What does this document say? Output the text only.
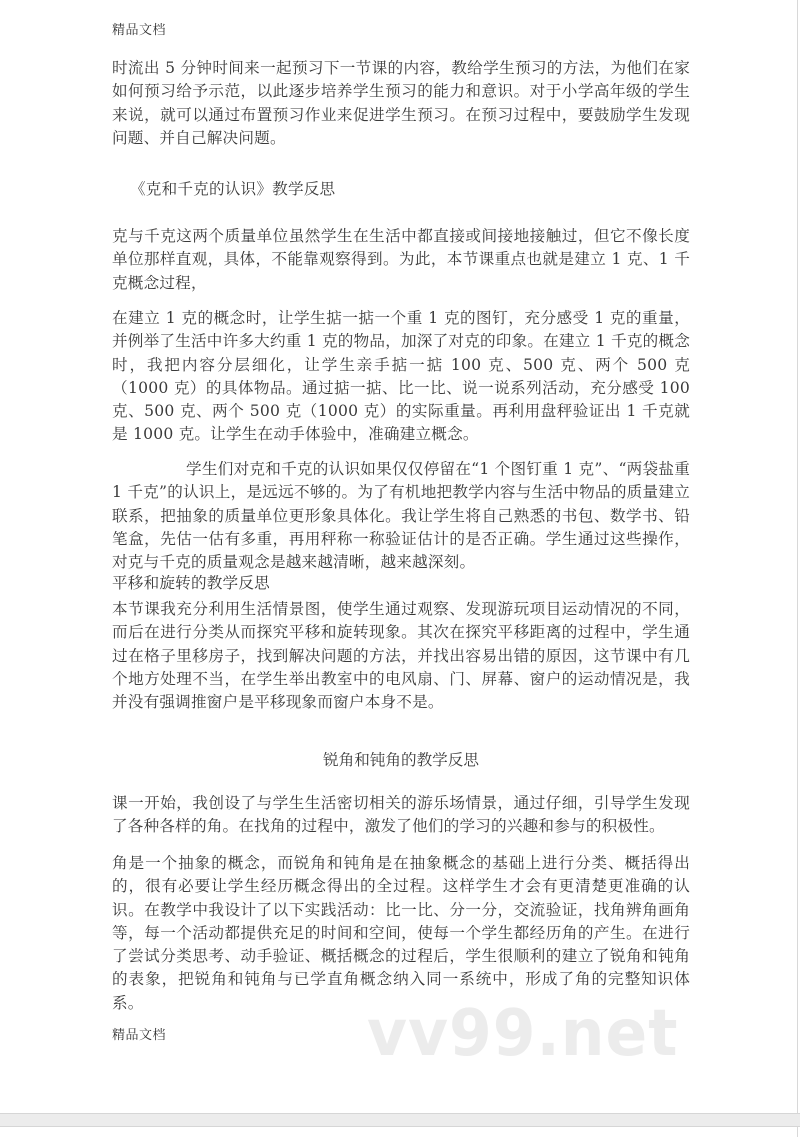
精品文档

时流出 5 分钟时间来一起预习下一节课的内容，教给学生预习的方法，为他们在家如何预习给予示范，以此逐步培养学生预习的能力和意识。对于小学高年级的学生来说，就可以通过布置预习作业来促进学生预习。在预习过程中，要鼓励学生发现问题、并自己解决问题。

《克和千克的认识》教学反思

克与千克这两个质量单位虽然学生在生活中都直接或间接地接触过，但它不像长度单位那样直观，具体，不能靠观察得到。为此，本节课重点也就是建立 1 克、1 千克概念过程，

在建立 1 克的概念时，让学生掂一掂一个重 1 克的图钉，充分感受 1 克的重量，并例举了生活中许多大约重 1 克的物品，加深了对克的印象。在建立 1 千克的概念时，我把内容分层细化，让学生亲手掂一掂 100 克、500 克、两个 500 克（1000 克）的具体物品。通过掂一掂、比一比、说一说系列活动，充分感受 100 克、500 克、两个 500 克（1000 克）的实际重量。再利用盘秤验证出 1 千克就是 1000 克。让学生在动手体验中，准确建立概念。

学生们对克和千克的认识如果仅仅停留在“1 个图钉重 1 克”、“两袋盐重 1 千克”的认识上，是远远不够的。为了有机地把教学内容与生活中物品的质量建立联系，把抽象的质量单位更形象具体化。我让学生将自己熟悉的书包、数学书、铅笔盒，先估一估有多重，再用秤称一称验证估计的是否正确。学生通过这些操作，对克与千克的质量观念是越来越清晰，越来越深刻。

平移和旋转的教学反思

本节课我充分利用生活情景图，使学生通过观察、发现游玩项目运动情况的不同，而后在进行分类从而探究平移和旋转现象。其次在探究平移距离的过程中，学生通过在格子里移房子，找到解决问题的方法，并找出容易出错的原因，这节课中有几个地方处理不当，在学生举出教室中的电风扇、门、屏幕、窗户的运动情况是，我并没有强调推窗户是平移现象而窗户本身不是。

锐角和钝角的教学反思

课一开始，我创设了与学生生活密切相关的游乐场情景，通过仔细，引导学生发现了各种各样的角。在找角的过程中，激发了他们的学习的兴趣和参与的积极性。

角是一个抽象的概念，而锐角和钝角是在抽象概念的基础上进行分类、概括得出的，很有必要让学生经历概念得出的全过程。这样学生才会有更清楚更准确的认识。在教学中我设计了以下实践活动：比一比、分一分，交流验证，找角辨角画角等，每一个活动都提供充足的时间和空间，使每一个学生都经历角的产生。在进行了尝试分类思考、动手验证、概括概念的过程后，学生很顺利的建立了锐角和钝角的表象，把锐角和钝角与已学直角概念纳入同一系统中，形成了角的完整知识体系。	vv99.net
精品文档
